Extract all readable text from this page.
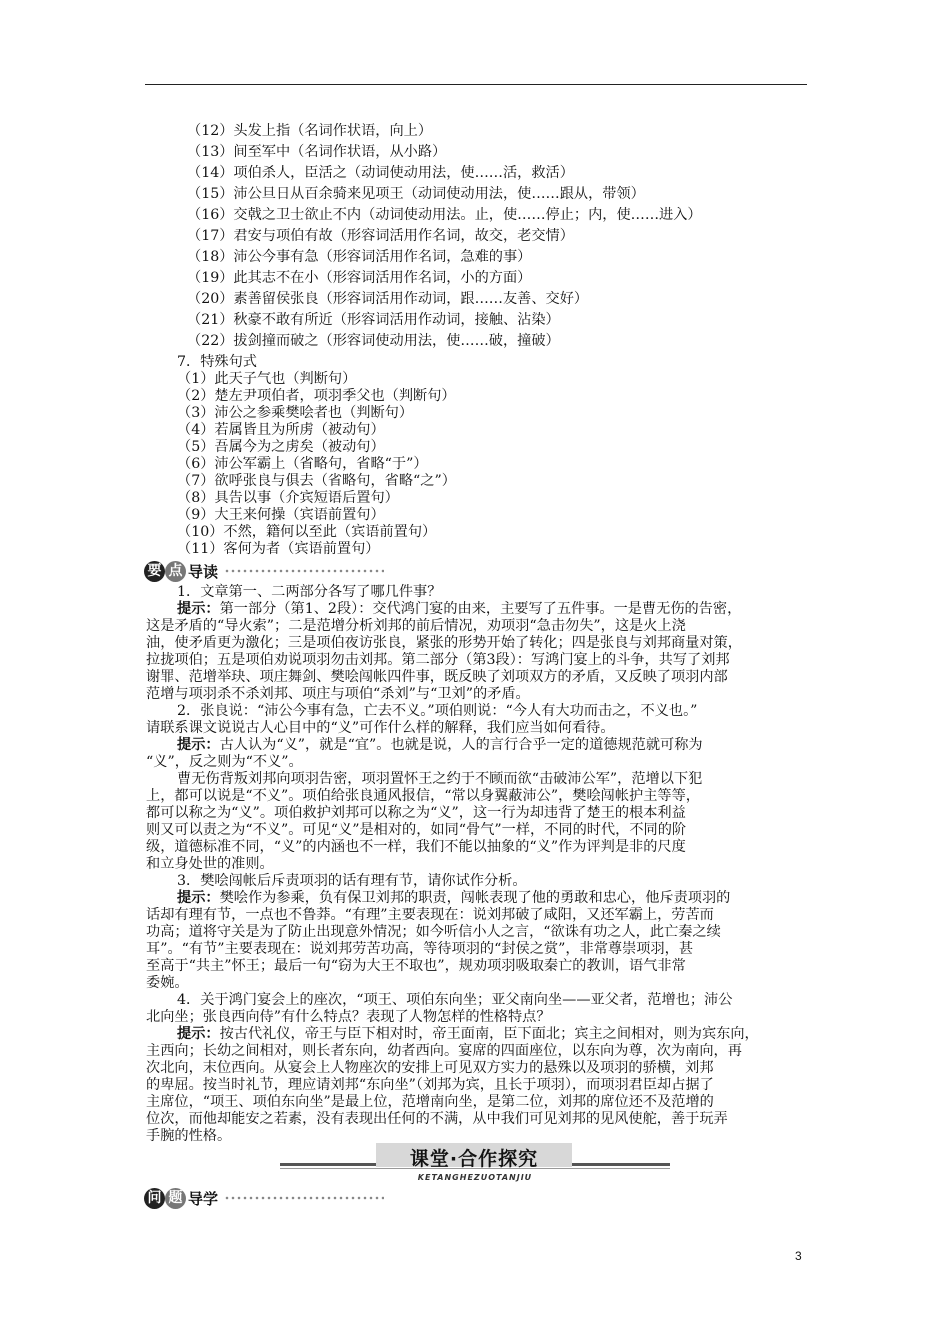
（12）头发上指（名词作状语，向上）
（13）间至军中（名词作状语，从小路）
（14）项伯杀人，臣活之（动词使动用法，使……活，救活）
（15）沛公旦日从百余骑来见项王（动词使动用法，使……跟从，带领）
（16）交戟之卫士欲止不内（动词使动用法。止，使……停止；内，使……进入）
（17）君安与项伯有故（形容词活用作名词，故交，老交情）
（18）沛公今事有急（形容词活用作名词，急难的事）
（19）此其志不在小（形容词活用作名词，小的方面）
（20）素善留侯张良（形容词活用作动词，跟……友善、交好）
（21）秋豪不敢有所近（形容词活用作动词，接触、沾染）
（22）拔剑撞而破之（形容词使动用法，使……破，撞破）
7．特殊句式
（1）此天子气也（判断句）
（2）楚左尹项伯者，项羽季父也（判断句）
（3）沛公之参乘樊哙者也（判断句）
（4）若属皆且为所虏（被动句）
（5）吾属今为之虏矣（被动句）
（6）沛公军霸上（省略句，省略“于”）
（7）欲呼张良与俱去（省略句，省略“之”）
（8）具告以事（介宾短语后置句）
（9）大王来何操（宾语前置句）
（10）不然，籍何以至此（宾语前置句）
（11）客何为者（宾语前置句）
要 点 导读
1．文章第一、二两部分各写了哪几件事？
提示：第一部分（第1、2段）：交代鸿门宴的由来，主要写了五件事。一是曹无伤的告密，
这是矛盾的“导火索”；二是范增分析刘邦的前后情况，劝项羽“急击勿失”，这是火上浇
油，使矛盾更为激化；三是项伯夜访张良，紧张的形势开始了转化；四是张良与刘邦商量对策，
拉拢项伯；五是项伯劝说项羽勿击刘邦。第二部分（第3段）：写鸿门宴上的斗争，共写了刘邦
谢罪、范增举玦、项庄舞剑、樊哙闯帐四件事，既反映了刘项双方的矛盾，又反映了项羽内部
范增与项羽杀不杀刘邦、项庄与项伯“杀刘”与“卫刘”的矛盾。
2．张良说：“沛公今事有急，亡去不义。”项伯则说：“今人有大功而击之，不义也。”
请联系课文说说古人心目中的“义”可作什么样的解释，我们应当如何看待。
提示：古人认为“义”，就是“宜”。也就是说，人的言行合乎一定的道德规范就可称为
“义”，反之则为“不义”。
曹无伤背叛刘邦向项羽告密，项羽置怀王之约于不顾而欲“击破沛公军”，范增以下犯
上，都可以说是“不义”。项伯给张良通风报信，“常以身翼蔽沛公”，樊哙闯帐护主等等，
都可以称之为“义”。项伯救护刘邦可以称之为“义”，这一行为却违背了楚王的根本利益
则又可以责之为“不义”。可见“义”是相对的，如同“骨气”一样，不同的时代，不同的阶
级，道德标准不同，“义”的内涵也不一样，我们不能以抽象的“义”作为评判是非的尺度
和立身处世的准则。
3．樊哙闯帐后斥责项羽的话有理有节，请你试作分析。
提示：樊哙作为参乘，负有保卫刘邦的职责，闯帐表现了他的勇敢和忠心，他斥责项羽的
话却有理有节，一点也不鲁莽。“有理”主要表现在：说刘邦破了咸阳，又还军霸上，劳苦而
功高；道将守关是为了防止出现意外情况；如今听信小人之言，“欲诛有功之人，此亡秦之续
耳”。“有节”主要表现在：说刘邦劳苦功高，等待项羽的“封侯之赏”，非常尊崇项羽，甚
至高于“共主”怀王；最后一句“窃为大王不取也”，规劝项羽吸取秦亡的教训，语气非常
委婉。
4．关于鸿门宴会上的座次，“项王、项伯东向坐；亚父南向坐——亚父者，范增也；沛公
北向坐；张良西向侍”有什么特点？表现了人物怎样的性格特点？
提示：按古代礼仪，帝王与臣下相对时，帝王面南，臣下面北；宾主之间相对，则为宾东向，
主西向；长幼之间相对，则长者东向，幼者西向。宴席的四面座位，以东向为尊，次为南向，再
次北向，末位西向。从宴会上人物座次的安排上可见双方实力的悬殊以及项羽的骄横，刘邦
的卑屈。按当时礼节，理应请刘邦“东向坐”（刘邦为宾，且长于项羽），而项羽君臣却占据了
主席位，“项王、项伯东向坐”是最上位，范增南向坐，是第二位，刘邦的席位还不及范增的
位次，而他却能安之若素，没有表现出任何的不满，从中我们可见刘邦的见风使舵，善于玩弄
手腕的性格。
课堂·合作探究
KETANGHEZUOTANJIU
问 题 导学
3
